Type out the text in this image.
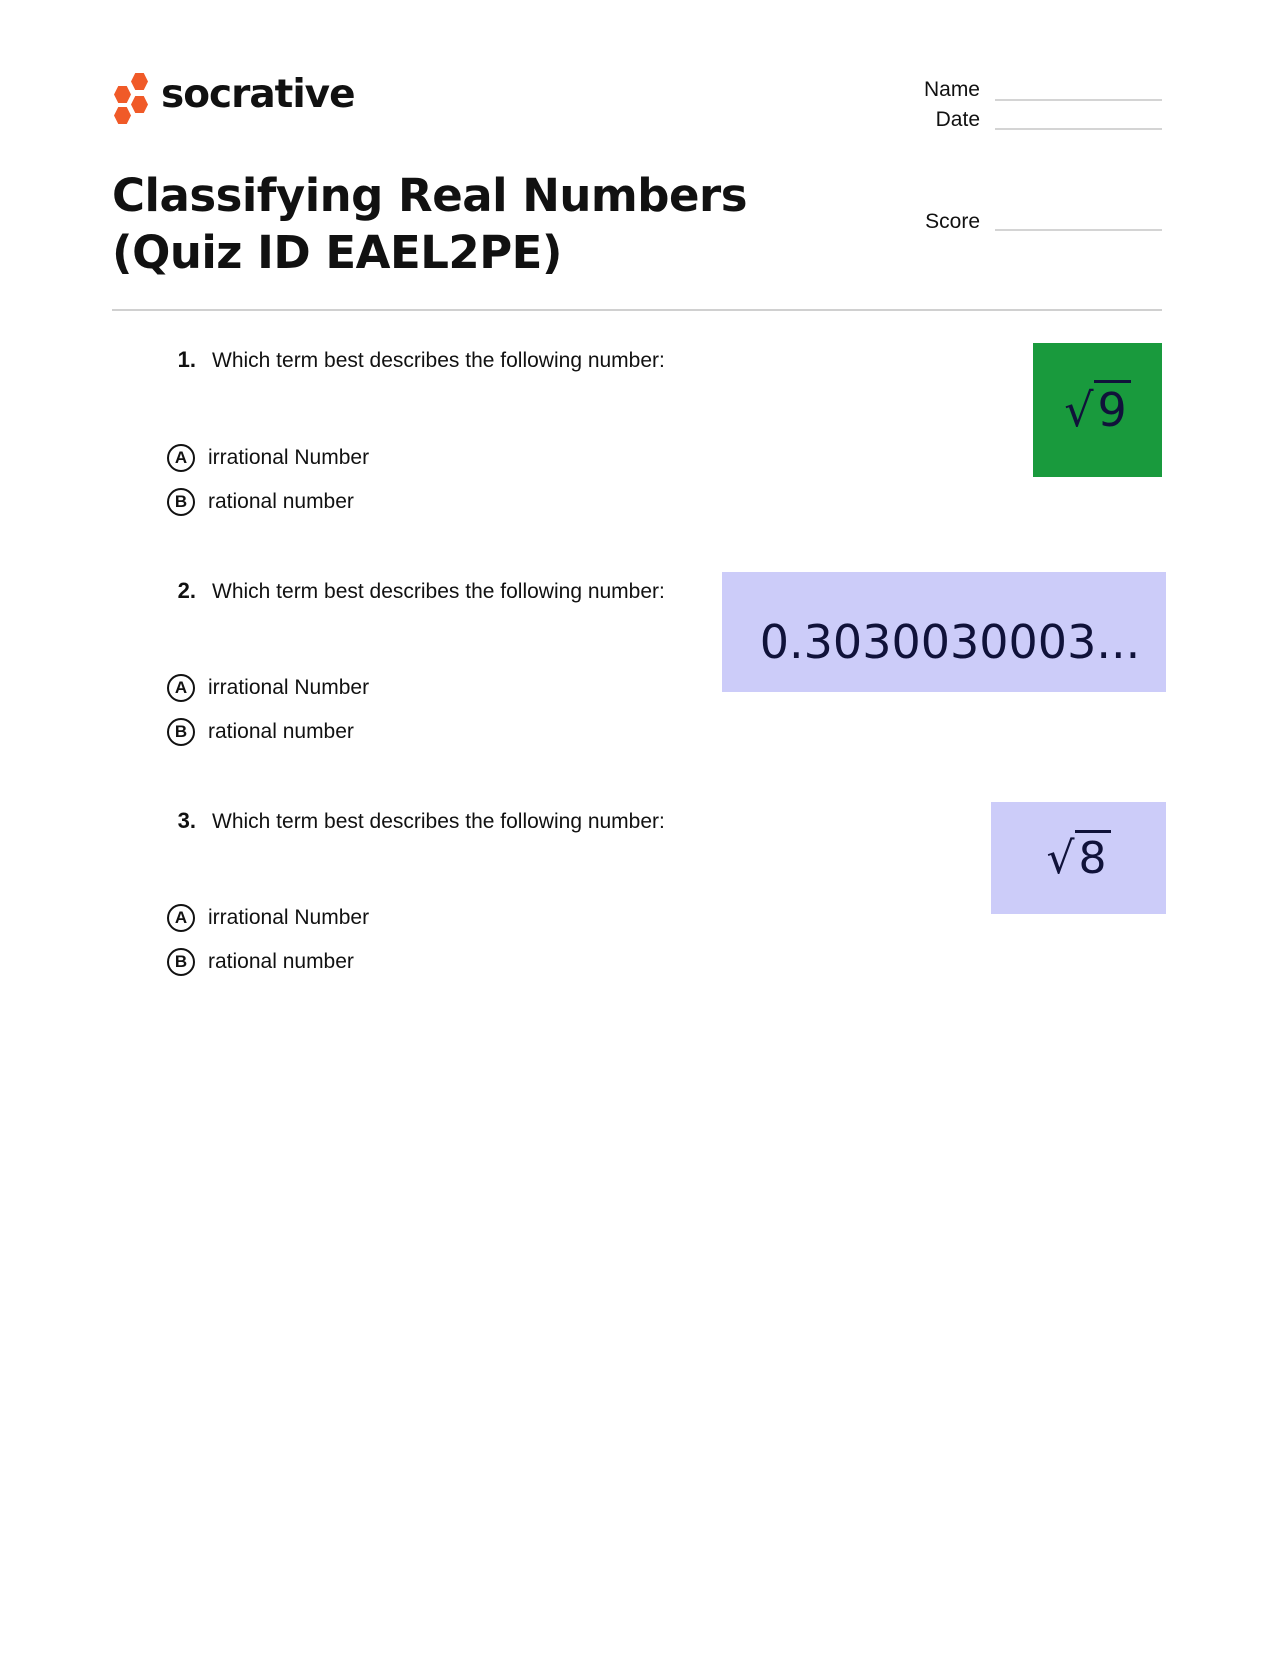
socrative	Name
Date
Score
Classifying Real Numbers (Quiz ID EAEL2PE)
1. Which term best describes the following number:
√9
A irrational Number
B rational number
2. Which term best describes the following number:
0.3030030003...
A irrational Number
B rational number
3. Which term best describes the following number:
√8
A irrational Number
B rational number
